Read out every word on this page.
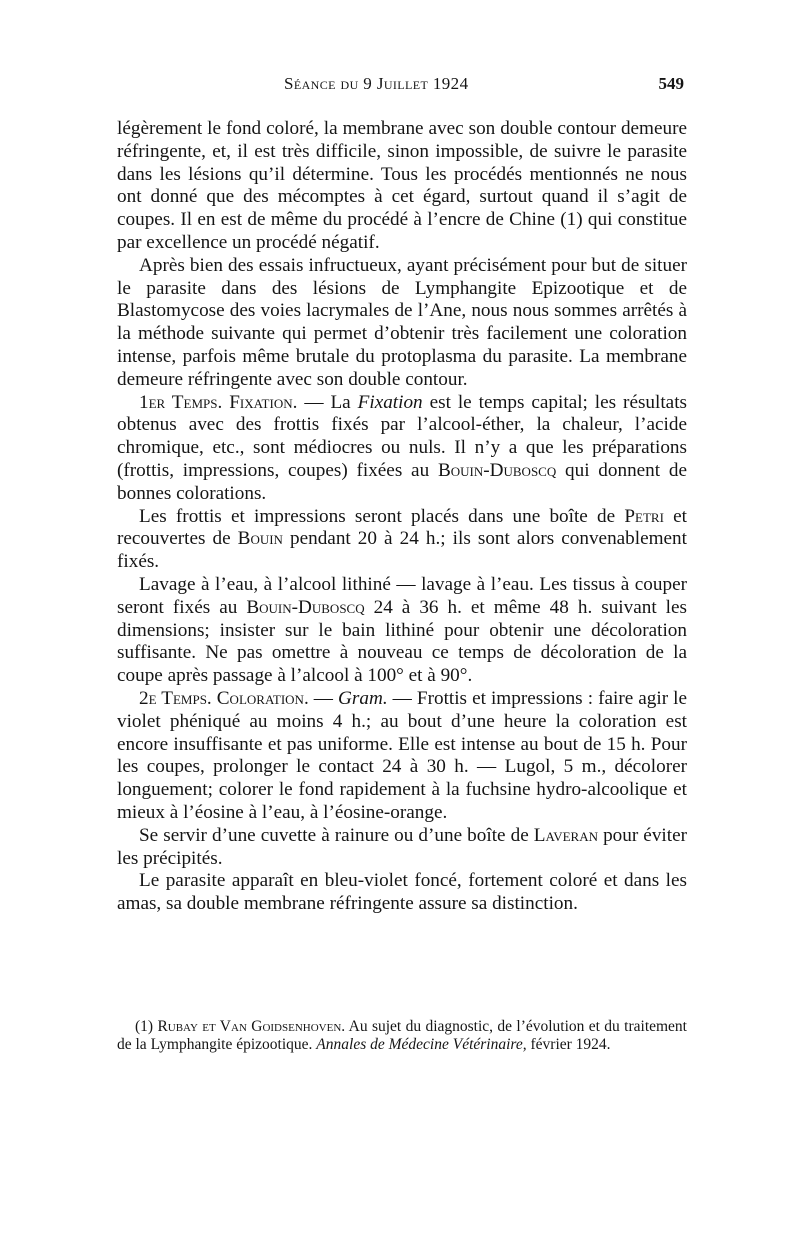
Séance du 9 Juillet 1924	549

légèrement le fond coloré, la membrane avec son double contour demeure réfringente, et, il est très difficile, sinon impossible, de suivre le parasite dans les lésions qu’il détermine. Tous les procédés mentionnés ne nous ont donné que des mécomptes à cet égard, surtout quand il s’agit de coupes. Il en est de même du procédé à l’encre de Chine (1) qui constitue par excellence un procédé négatif.

Après bien des essais infructueux, ayant précisément pour but de situer le parasite dans des lésions de Lymphangite Epizootique et de Blastomycose des voies lacrymales de l’Ane, nous nous sommes arrêtés à la méthode suivante qui permet d’obtenir très facilement une coloration intense, parfois même brutale du protoplasma du parasite. La membrane demeure réfringente avec son double contour.

1er Temps. Fixation. — La Fixation est le temps capital; les résultats obtenus avec des frottis fixés par l’alcool-éther, la chaleur, l’acide chromique, etc., sont médiocres ou nuls. Il n’y a que les préparations (frottis, impressions, coupes) fixées au Bouin-Duboscq qui donnent de bonnes colorations.

Les frottis et impressions seront placés dans une boîte de Petri et recouvertes de Bouin pendant 20 à 24 h.; ils sont alors convenablement fixés.

Lavage à l’eau, à l’alcool lithiné — lavage à l’eau. Les tissus à couper seront fixés au Bouin-Duboscq 24 à 36 h. et même 48 h. suivant les dimensions; insister sur le bain lithiné pour obtenir une décoloration suffisante. Ne pas omettre à nouveau ce temps de décoloration de la coupe après passage à l’alcool à 100° et à 90°.

2e Temps. Coloration. — Gram. — Frottis et impressions : faire agir le violet phéniqué au moins 4 h.; au bout d’une heure la coloration est encore insuffisante et pas uniforme. Elle est intense au bout de 15 h. Pour les coupes, prolonger le contact 24 à 30 h. — Lugol, 5 m., décolorer longuement; colorer le fond rapidement à la fuchsine hydro-alcoolique et mieux à l’éosine à l’eau, à l’éosine-orange.

Se servir d’une cuvette à rainure ou d’une boîte de Laveran pour éviter les précipités.

Le parasite apparaît en bleu-violet foncé, fortement coloré et dans les amas, sa double membrane réfringente assure sa distinction.

(1) Rubay et Van Goidsenhoven. Au sujet du diagnostic, de l’évolution et du traitement de la Lymphangite épizootique. Annales de Médecine Vétérinaire, février 1924.
